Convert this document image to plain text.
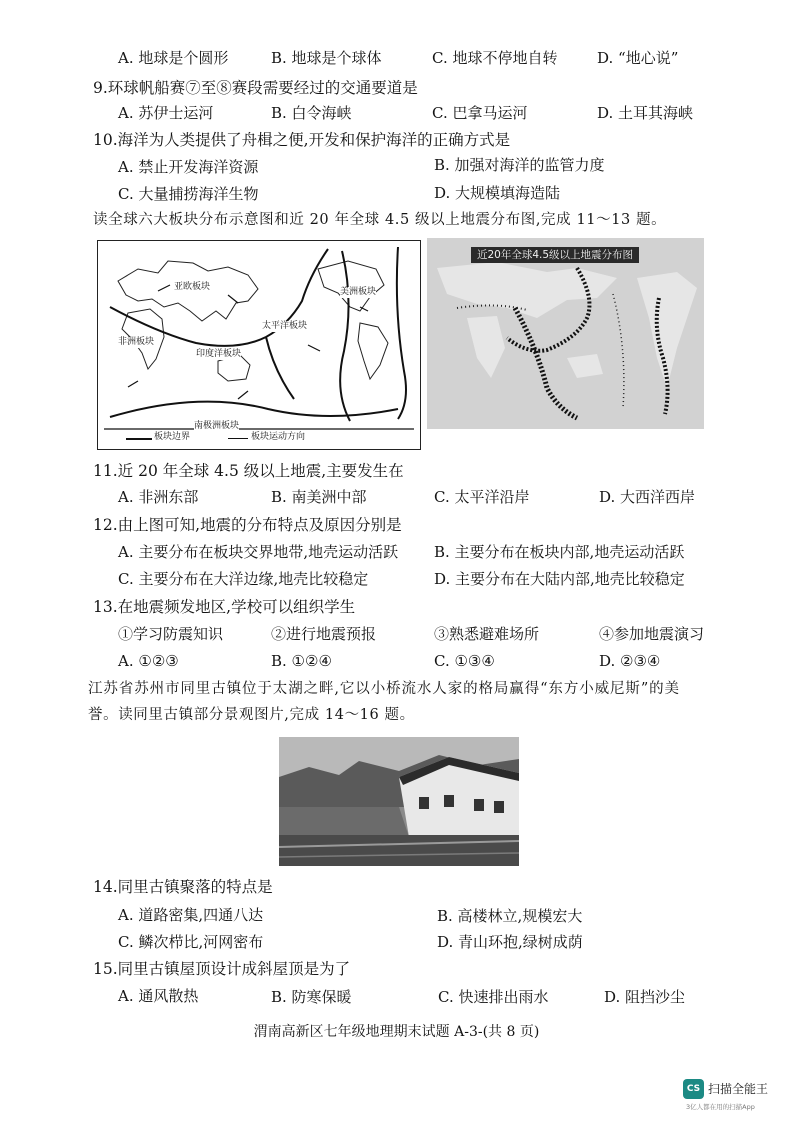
A. 地球是个圆形	B. 地球是个球体	C. 地球不停地自转	D. “地心说”
9.环球帆船赛⑦至⑧赛段需要经过的交通要道是
A. 苏伊士运河	B. 白令海峡	C. 巴拿马运河	D. 土耳其海峡
10.海洋为人类提供了舟楫之便,开发和保护海洋的正确方式是
A. 禁止开发海洋资源	B. 加强对海洋的监管力度
C. 大量捕捞海洋生物	D. 大规模填海造陆
读全球六大板块分布示意图和近 20 年全球 4.5 级以上地震分布图,完成 11～13 题。
亚欧板块	美洲板块
太平洋板块
非洲板块
印度洋板块
南极洲板块
板块边界	板块运动方向
近20年全球4.5级以上地震分布图
11.近 20 年全球 4.5 级以上地震,主要发生在
A. 非洲东部	B. 南美洲中部	C. 太平洋沿岸	D. 大西洋西岸
12.由上图可知,地震的分布特点及原因分别是
A. 主要分布在板块交界地带,地壳运动活跃 B. 主要分布在板块内部,地壳运动活跃
C. 主要分布在大洋边缘,地壳比较稳定	D. 主要分布在大陆内部,地壳比较稳定
13.在地震频发地区,学校可以组织学生
①学习防震知识	②进行地震预报	③熟悉避难场所	④参加地震演习
A. ①②③	B. ①②④	C. ①③④	D. ②③④
江苏省苏州市同里古镇位于太湖之畔,它以小桥流水人家的格局赢得“东方小威尼斯”的美
誉。读同里古镇部分景观图片,完成 14～16 题。
14.同里古镇聚落的特点是
A. 道路密集,四通八达	B. 高楼林立,规模宏大
C. 鳞次栉比,河网密布	D. 青山环抱,绿树成荫
15.同里古镇屋顶设计成斜屋顶是为了
A. 通风散热	B. 防寒保暖	C. 快速排出雨水	D. 阻挡沙尘
渭南高新区七年级地理期末试题 A-3-(共 8 页)
CS 扫描全能王
3亿人都在用的扫描App
